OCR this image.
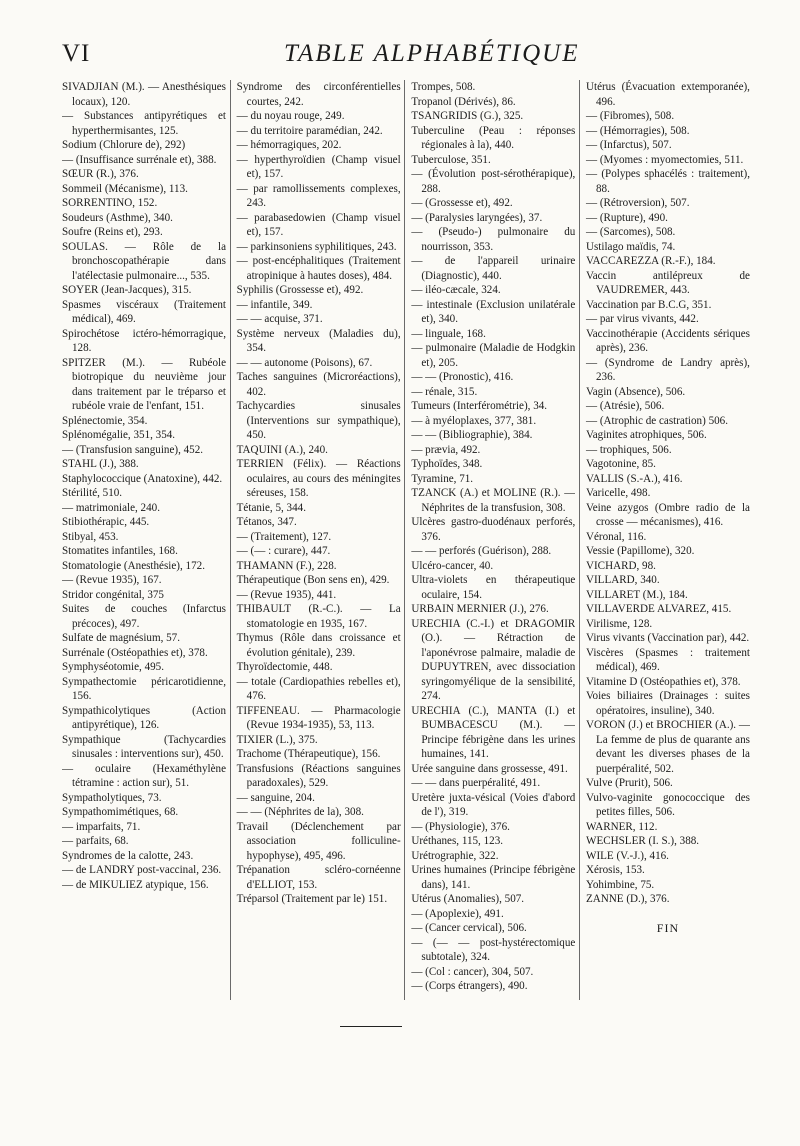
VI	TABLE ALPHABÉTIQUE
SIVADJIAN (M.). — Anesthésiques locaux), 120.
— Substances antipyrétiques et hyperthermisantes, 125.
Sodium (Chlorure de), 292)
— (Insuffisance surrénale et), 388.
SŒUR (R.), 376.
Sommeil (Mécanisme), 113.
SORRENTINO, 152.
Soudeurs (Asthme), 340.
Soufre (Reins et), 293.
SOULAS. — Rôle de la bronchoscopathérapie dans l'atélectasie pulmonaire..., 535.
SOYER (Jean-Jacques), 315.
Spasmes viscéraux (Traitement médical), 469.
Spirochétose ictéro-hémorragique, 128.
SPITZER (M.). — Rubéole biotropique du neuvième jour dans traitement par le tréparso et rubéole vraie de l'enfant, 151.
Splénectomie, 354.
Splénomégalie, 351, 354.
— (Transfusion sanguine), 452.
STAHL (J.), 388.
Staphylococcique (Anatoxine), 442.
Stérilité, 510.
— matrimoniale, 240.
Stibiothérapic, 445.
Stibyal, 453.
Stomatites infantiles, 168.
Stomatologie (Anesthésie), 172.
— (Revue 1935), 167.
Stridor congénital, 375
Suites de couches (Infarctus précoces), 497.
Sulfate de magnésium, 57.
Surrénale (Ostéopathies et), 378.
Symphyséotomie, 495.
Sympathectomie péricarotidienne, 156.
Sympathicolytiques (Action antipyrétique), 126.
Sympathique (Tachycardies sinusales : interventions sur), 450.
— oculaire (Hexaméthylène tétramine : action sur), 51.
Sympatholytiques, 73.
Sympathomimétiques, 68.
— imparfaits, 71.
— parfaits, 68.
Syndromes de la calotte, 243.
— de LANDRY post-vaccinal, 236.
— de MIKULIEZ atypique, 156.
Syndrome des circonférentielles courtes, 242.
— du noyau rouge, 249.
— du territoire paramédian, 242.
— hémorragiques, 202.
— hyperthyroïdien (Champ visuel et), 157.
— par ramollissements complexes, 243.
— parabasedowien (Champ visuel et), 157.
— parkinsoniens syphilitiques, 243.
— post-encéphalitiques (Traitement atropinique à hautes doses), 484.
Syphilis (Grossesse et), 492.
— infantile, 349.
— — acquise, 371.
Système nerveux (Maladies du), 354.
— — autonome (Poisons), 67.
Taches sanguines (Microréactions), 402.
Tachycardies sinusales (Interventions sur sympathique), 450.
TAQUINI (A.), 240.
TERRIEN (Félix). — Réactions oculaires, au cours des méningites séreuses, 158.
Tétanie, 5, 344.
Tétanos, 347.
— (Traitement), 127.
— (— : curare), 447.
THAMANN (F.), 228.
Thérapeutique (Bon sens en), 429.
— (Revue 1935), 441.
THIBAULT (R.-C.). — La stomatologie en 1935, 167.
Thymus (Rôle dans croissance et évolution génitale), 239.
Thyroïdectomie, 448.
— totale (Cardiopathies rebelles et), 476.
TIFFENEAU. — Pharmacologie (Revue 1934-1935), 53, 113.
TIXIER (L.), 375.
Trachome (Thérapeutique), 156.
Transfusions (Réactions sanguines paradoxales), 529.
— sanguine, 204.
— — (Néphrites de la), 308.
Travail (Déclenchement par association folliculine-hypophyse), 495, 496.
Trépanation scléro-cornéenne d'ELLIOT, 153.
Tréparsol (Traitement par le) 151.
Trompes, 508.
Tropanol (Dérivés), 86.
TSANGRIDIS (G.), 325.
Tuberculine (Peau : réponses régionales à la), 440.
Tuberculose, 351.
— (Évolution post-sérothérapique), 288.
— (Grossesse et), 492.
— (Paralysies laryngées), 37.
— (Pseudo-) pulmonaire du nourrisson, 353.
— de l'appareil urinaire (Diagnostic), 440.
— iléo-cæcale, 324.
— intestinale (Exclusion unilatérale et), 340.
— linguale, 168.
— pulmonaire (Maladie de Hodgkin et), 205.
— — (Pronostic), 416.
— rénale, 315.
Tumeurs (Interférométrie), 34.
— à myéloplaxes, 377, 381.
— — (Bibliographie), 384.
— prævia, 492.
Typhoïdes, 348.
Tyramine, 71.
TZANCK (A.) et MOLINE (R.). — Néphrites de la transfusion, 308.
Ulcères gastro-duodénaux perforés, 376.
— — perforés (Guérison), 288.
Ulcéro-cancer, 40.
Ultra-violets en thérapeutique oculaire, 154.
URBAIN MERNIER (J.), 276.
URECHIA (C.-I.) et DRAGOMIR (O.). — Rétraction de l'aponévrose palmaire, maladie de DUPUYTREN, avec dissociation syringomyélique de la sensibilité, 274.
URECHIA (C.), MANTA (I.) et BUMBACESCU (M.). — Principe fébrigène dans les urines humaines, 141.
Urée sanguine dans grossesse, 491.
— — dans puerpéralité, 491.
Uretère juxta-vésical (Voies d'abord de l'), 319.
— (Physiologie), 376.
Uréthanes, 115, 123.
Urétrographie, 322.
Urines humaines (Principe fébrigène dans), 141.
Utérus (Anomalies), 507.
— (Apoplexie), 491.
— (Cancer cervical), 506.
— (— — post-hystérectomique subtotale), 324.
— (Col : cancer), 304, 507.
— (Corps étrangers), 490.
Utérus (Évacuation extemporanée), 496.
— (Fibromes), 508.
— (Hémorragies), 508.
— (Infarctus), 507.
— (Myomes : myomectomies, 511.
— (Polypes sphacélés : traitement), 88.
— (Rétroversion), 507.
— (Rupture), 490.
— (Sarcomes), 508.
Ustilago maïdis, 74.
VACCAREZZA (R.-F.), 184.
Vaccin antilépreux de VAUDREMER, 443.
Vaccination par B.C.G, 351.
— par virus vivants, 442.
Vaccinothérapie (Accidents sériques après), 236.
— (Syndrome de Landry après), 236.
Vagin (Absence), 506.
— (Atrésie), 506.
— (Atrophic de castration) 506.
Vaginites atrophiques, 506.
— trophiques, 506.
Vagotonine, 85.
VALLIS (S.-A.), 416.
Varicelle, 498.
Veine azygos (Ombre radio de la crosse — mécanismes), 416.
Véronal, 116.
Vessie (Papillome), 320.
VICHARD, 98.
VILLARD, 340.
VILLARET (M.), 184.
VILLAVERDE ALVAREZ, 415.
Virilisme, 128.
Virus vivants (Vaccination par), 442.
Viscères (Spasmes : traitement médical), 469.
Vitamine D (Ostéopathies et), 378.
Voies biliaires (Drainages : suites opératoires, insuline), 340.
VORON (J.) et BROCHIER (A.). — La femme de plus de quarante ans devant les diverses phases de la puerpéralité, 502.
Vulve (Prurit), 506.
Vulvo-vaginite gonococcique des petites filles, 506.
WARNER, 112.
WECHSLER (I. S.), 388.
WILE (V.-J.), 416.
Xérosis, 153.
Yohimbine, 75.
ZANNE (D.), 376.
FIN
